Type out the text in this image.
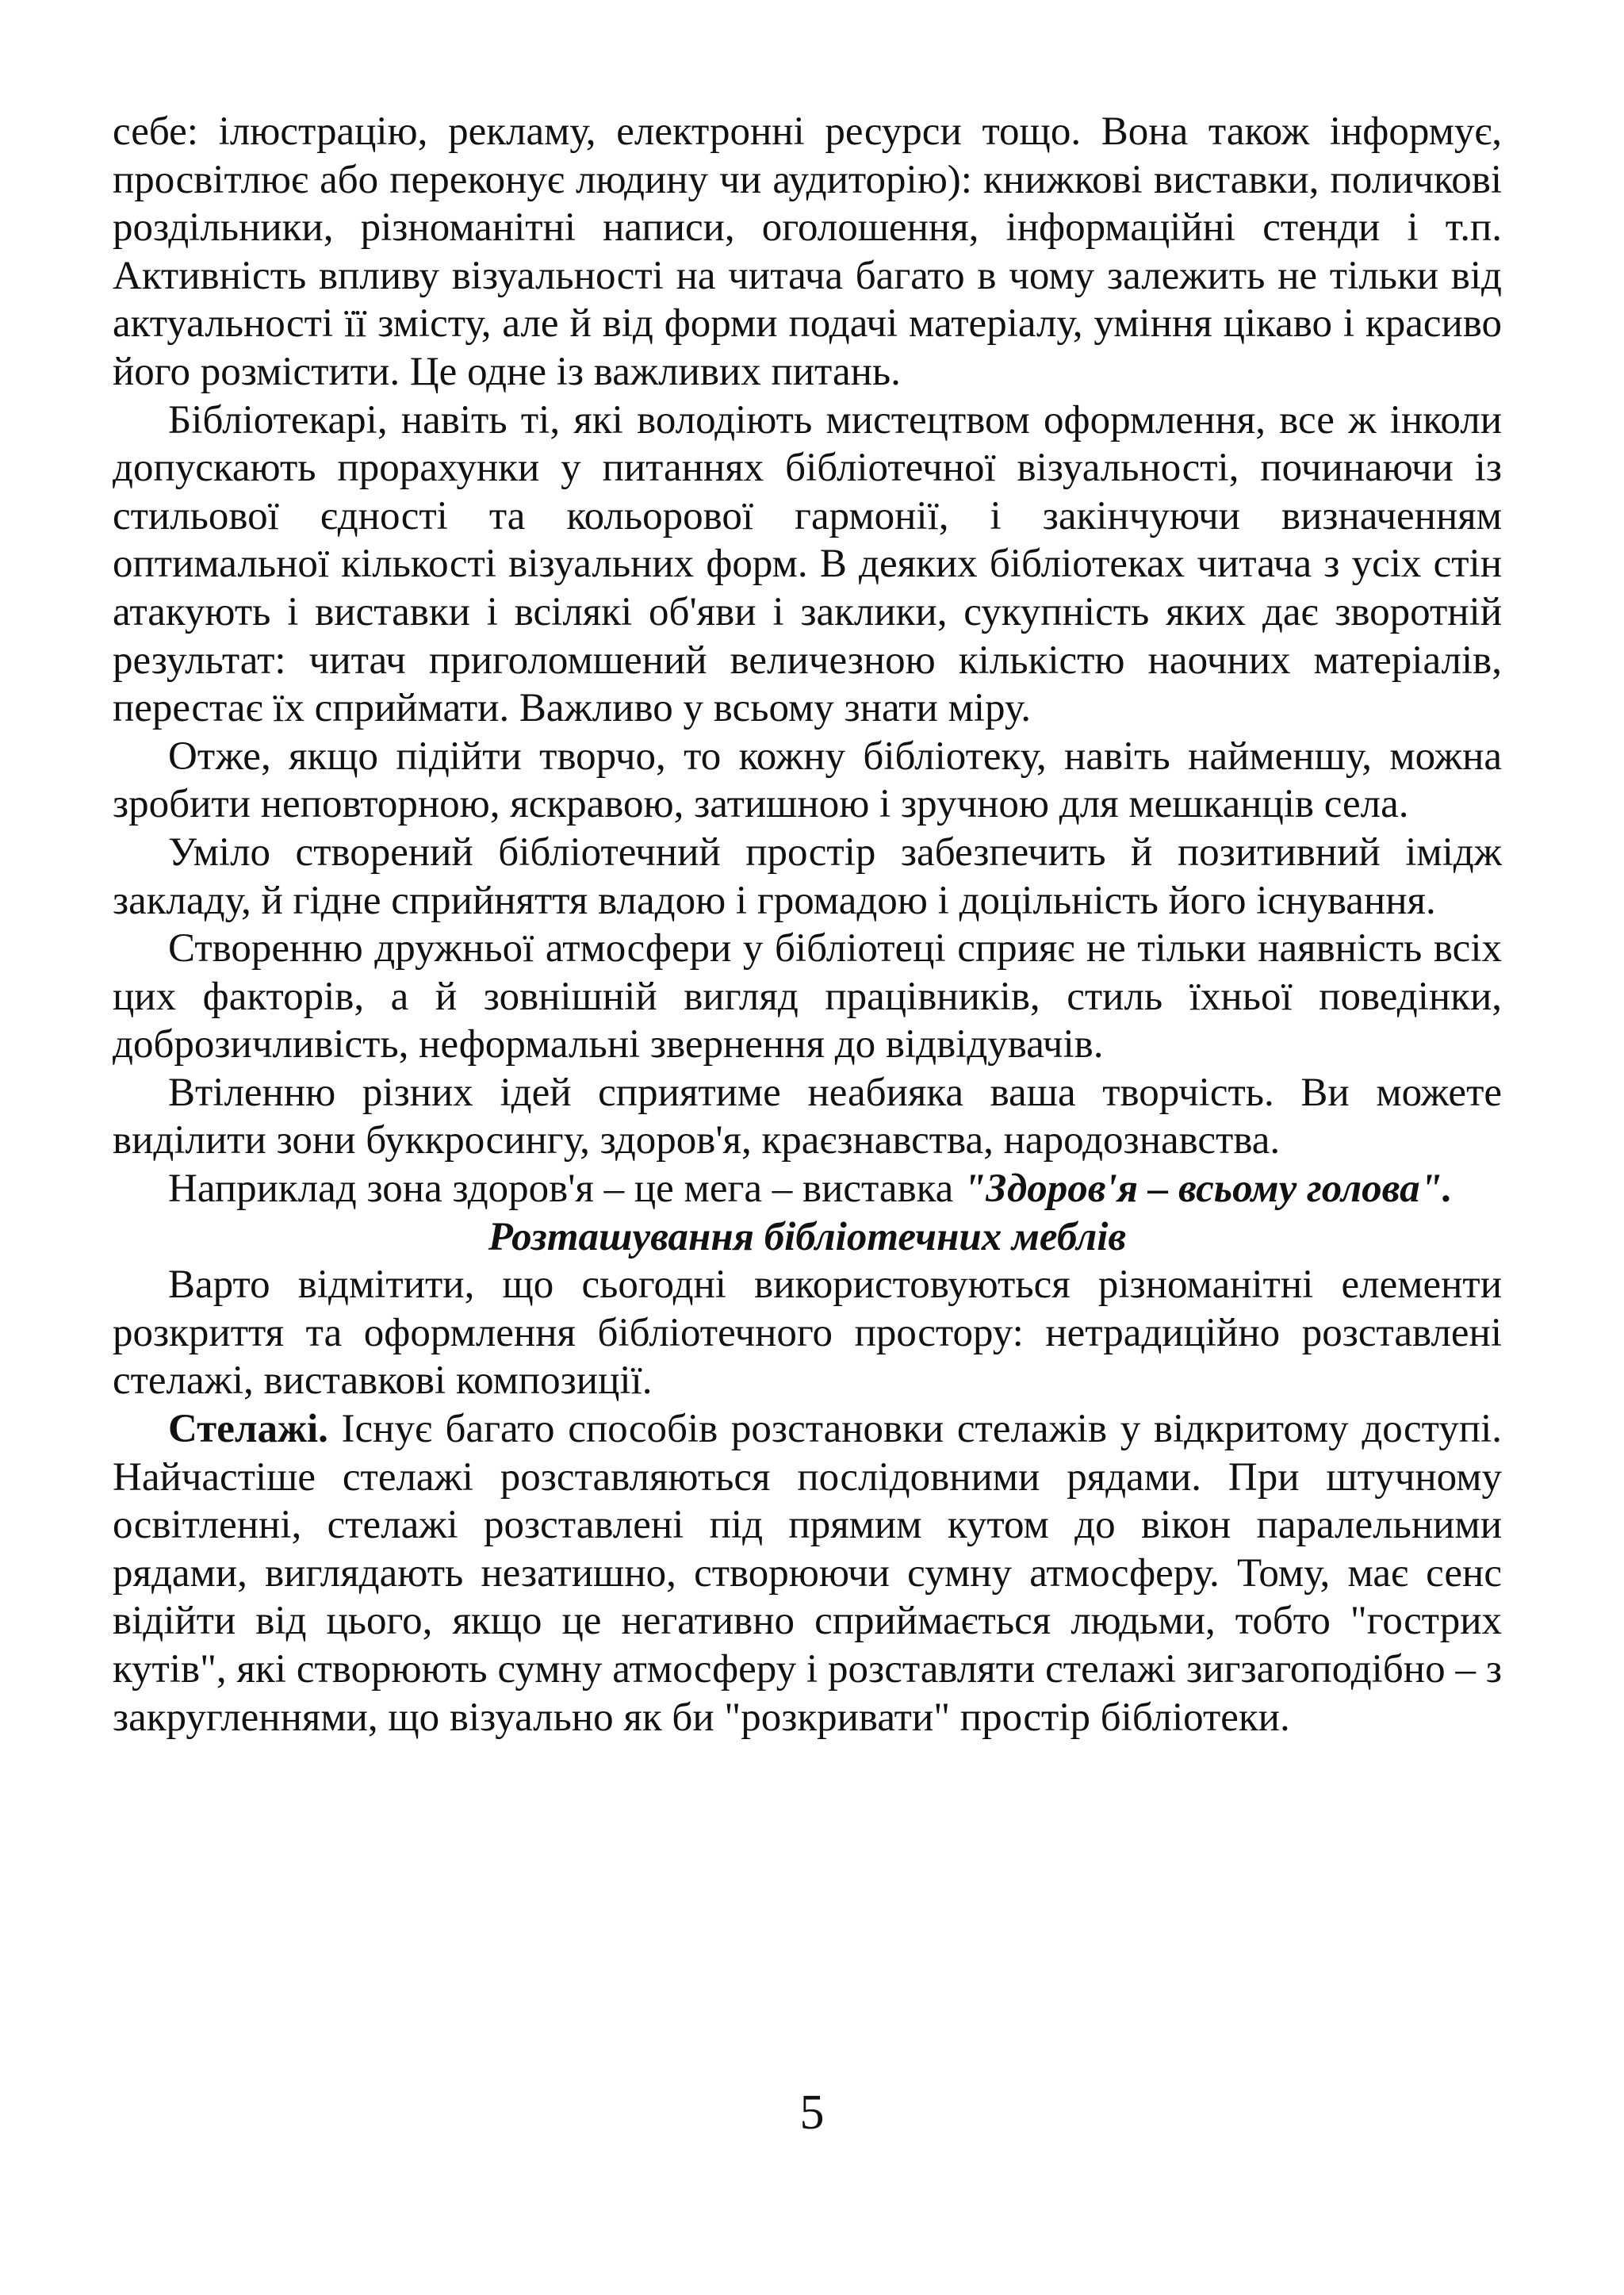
себе: ілюстрацію, рекламу, електронні ресурси тощо. Вона також інформує, просвітлює або переконує людину чи аудиторію): книжкові виставки, поличкові роздільники, різноманітні написи, оголошення, інформаційні стенди і т.п. Активність впливу візуальності на читача багато в чому залежить не тільки від актуальності її змісту, але й від форми подачі матеріалу, уміння цікаво і красиво його розмістити. Це одне із важливих питань.

Бібліотекарі, навіть ті, які володіють мистецтвом оформлення, все ж інколи допускають прорахунки у питаннях бібліотечної візуальності, починаючи із стильової єдності та кольорової гармонії, і закінчуючи визначенням оптимальної кількості візуальних форм. В деяких бібліотеках читача з усіх стін атакують і виставки і всілякі об'яви і заклики, сукупність яких дає зворотній результат: читач приголомшений величезною кількістю наочних матеріалів, перестає їх сприймати. Важливо у всьому знати міру.

Отже, якщо підійти творчо, то кожну бібліотеку, навіть найменшу, можна зробити неповторною, яскравою, затишною і зручною для мешканців села.

Уміло створений бібліотечний простір забезпечить й позитивний імідж закладу, й гідне сприйняття владою і громадою і доцільність його існування.

Створенню дружньої атмосфери у бібліотеці сприяє не тільки наявність всіх цих факторів, а й зовнішній вигляд працівників, стиль їхньої поведінки, доброзичливість, неформальні звернення до відвідувачів.

Втіленню різних ідей сприятиме неабияка ваша творчість. Ви можете виділити зони буккросингу, здоров'я, краєзнавства, народознавства.

Наприклад зона здоров'я – це мега – виставка "Здоров'я – всьому голова".

Розташування бібліотечних меблів

Варто відмітити, що сьогодні використовуються різноманітні елементи розкриття та оформлення бібліотечного простору: нетрадиційно розставлені стелажі, виставкові композиції.

Стелажі. Існує багато способів розстановки стелажів у відкритому доступі. Найчастіше стелажі розставляються послідовними рядами. При штучному освітленні, стелажі розставлені під прямим кутом до вікон паралельними рядами, виглядають незатишно, створюючи сумну атмосферу. Тому, має сенс відійти від цього, якщо це негативно сприймається людьми, тобто "гострих кутів", які створюють сумну атмосферу і розставляти стелажі зигзагоподібно – з закругленнями, що візуально як би "розкривати" простір бібліотеки.

5
